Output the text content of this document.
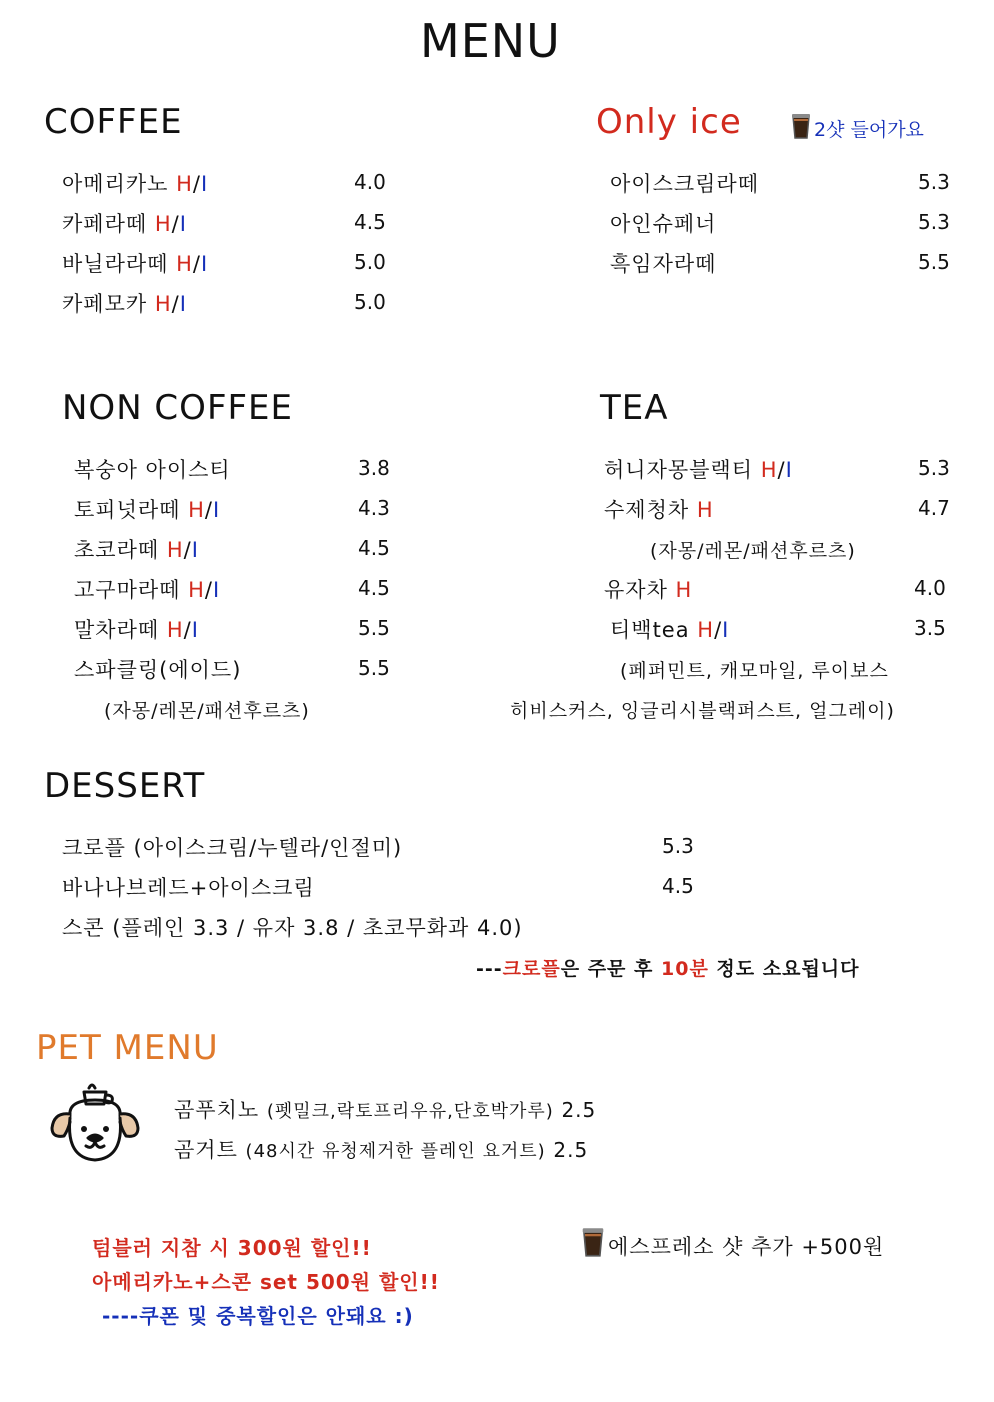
MENU
COFFEE
아메리카노 H/I	4.0
카페라떼 H/I	4.5
바닐라라떼 H/I	5.0
카페모카 H/I	5.0
Only ice	2샷 들어가요
아이스크림라떼	5.3
아인슈페너	5.3
흑임자라떼	5.5
NON COFFEE
복숭아 아이스티	3.8
토피넛라떼 H/I	4.3
초코라떼 H/I	4.5
고구마라떼 H/I	4.5
말차라떼 H/I	5.5
스파클링(에이드)	5.5
(자몽/레몬/패션후르츠)
TEA
허니자몽블랙티 H/I	5.3
수제청차 H	4.7
(자몽/레몬/패션후르츠)
유자차 H	4.0
티백tea H/I	3.5
(페퍼민트, 캐모마일, 루이보스
히비스커스, 잉글리시블랙퍼스트, 얼그레이)
DESSERT
크로플 (아이스크림/누텔라/인절미)	5.3
바나나브레드+아이스크림	4.5
스콘 (플레인 3.3 / 유자 3.8 / 초코무화과 4.0)
---크로플은 주문 후 10분 정도 소요됩니다
PET MENU
곰푸치노 (펫밀크,락토프리우유,단호박가루) 2.5
곰거트 (48시간 유청제거한 플레인 요거트) 2.5
텀블러 지참 시 300원 할인!!
아메리카노+스콘 set 500원 할인!!
----쿠폰 및 중복할인은 안돼요 :)
에스프레소 샷 추가 +500원
